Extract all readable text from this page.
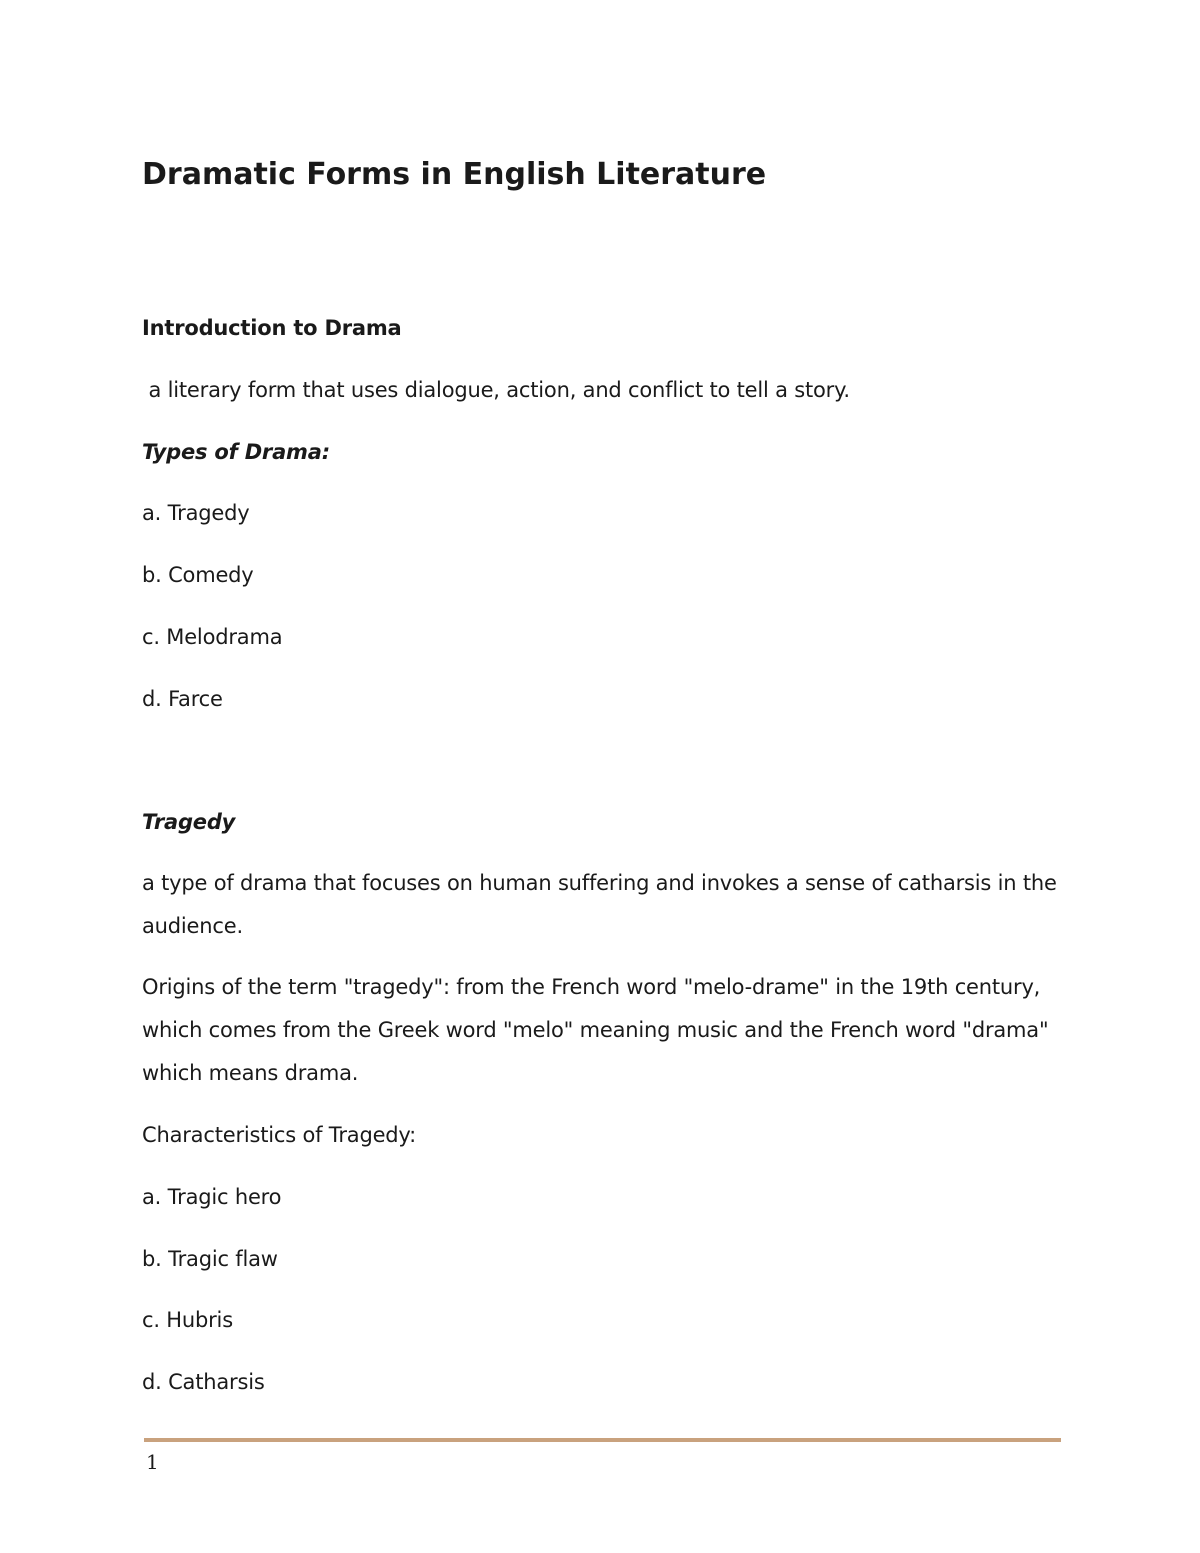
Dramatic Forms in English Literature
Introduction to Drama
a literary form that uses dialogue, action, and conflict to tell a story.
Types of Drama:
a. Tragedy
b. Comedy
c. Melodrama
d. Farce
Tragedy
a type of drama that focuses on human suffering and invokes a sense of catharsis in the audience.
Origins of the term "tragedy": from the French word "melo-drame" in the 19th century, which comes from the Greek word "melo" meaning music and the French word "drama" which means drama.
Characteristics of Tragedy:
a. Tragic hero
b. Tragic flaw
c. Hubris
d. Catharsis
1
